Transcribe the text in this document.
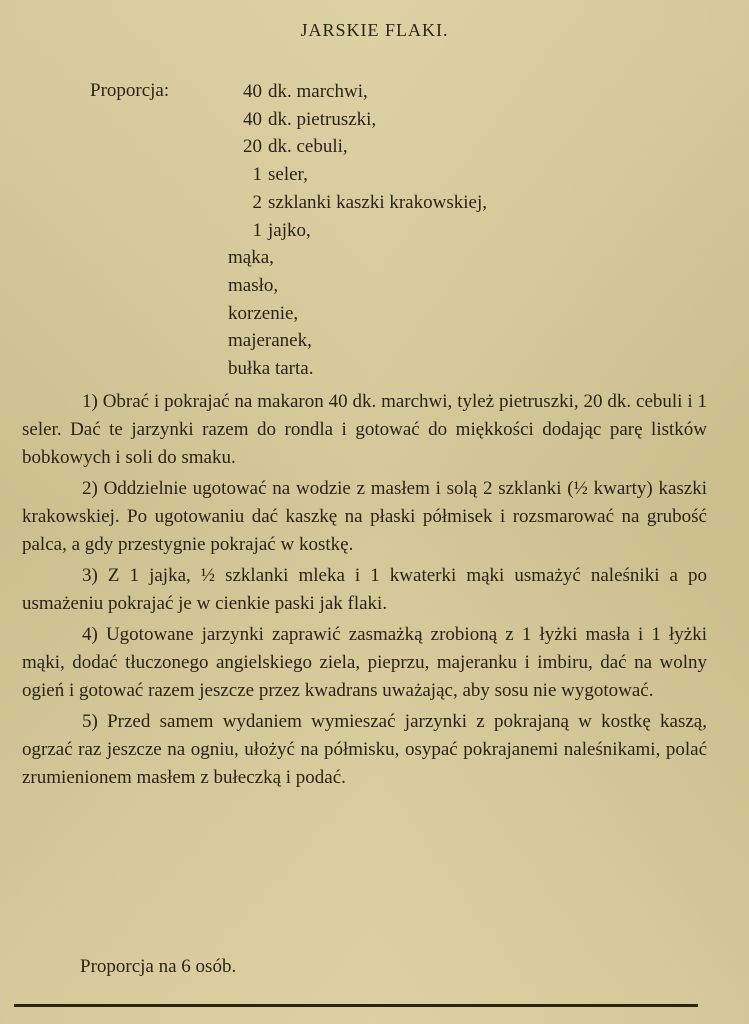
JARSKIE FLAKI.
Proporcja:	40 dk. marchwi,
40 dk. pietruszki,
20 dk. cebuli,
1 seler,
2 szklanki kaszki krakowskiej,
1 jajko,
mąka,
masło,
korzenie,
majeranek,
bułka tarta.

1) Obrać i pokrajać na makaron 40 dk. marchwi, tyleż pietruszki, 20 dk. cebuli i 1 seler. Dać te jarzynki razem do rondla i gotować do miękkości dodając parę listków bobkowych i soli do smaku.

2) Oddzielnie ugotować na wodzie z masłem i solą 2 szklanki (½ kwarty) kaszki krakowskiej. Po ugotowaniu dać kaszkę na płaski półmisek i rozsmarować na grubość palca, a gdy przestygnie pokrajać w kostkę.

3) Z 1 jajka, ½ szklanki mleka i 1 kwaterki mąki usmażyć naleśniki a po usmażeniu pokrajać je w cienkie paski jak flaki.

4) Ugotowane jarzynki zaprawić zasmażką zrobioną z 1 łyżki masła i 1 łyżki mąki, dodać tłuczonego angielskiego ziela, pieprzu, majeranku i imbiru, dać na wolny ogień i gotować razem jeszcze przez kwadrans uważając, aby sosu nie wygotować.

5) Przed samem wydaniem wymieszać jarzynki z pokrajaną w kostkę kaszą, ogrzać raz jeszcze na ogniu, ułożyć na półmisku, osypać pokrajanemi naleśnikami, polać zrumienionem masłem z bułeczką i podać.

Proporcja na 6 osób.
